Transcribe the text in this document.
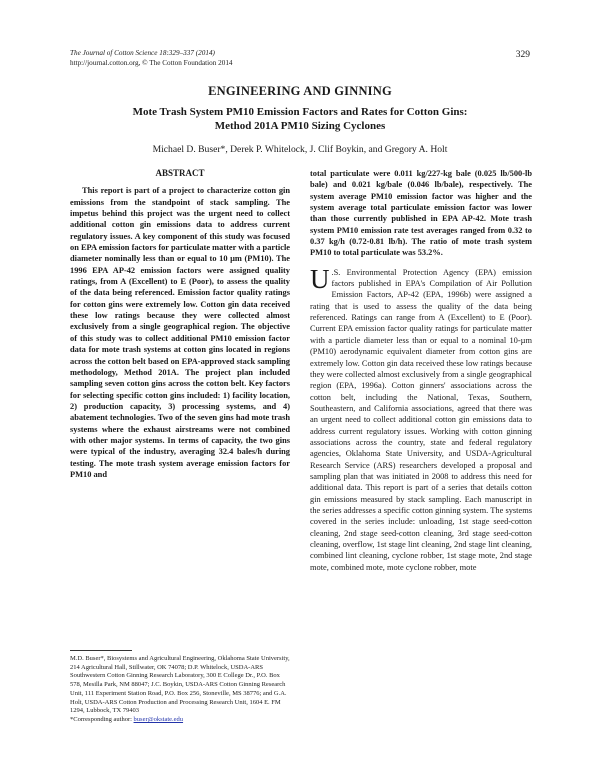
The Journal of Cotton Science 18:329–337 (2014)
http://journal.cotton.org, © The Cotton Foundation 2014
329
ENGINEERING AND GINNING
Mote Trash System PM10 Emission Factors and Rates for Cotton Gins:
Method 201A PM10 Sizing Cyclones
Michael D. Buser*, Derek P. Whitelock, J. Clif Boykin, and Gregory A. Holt
ABSTRACT

This report is part of a project to characterize cotton gin emissions from the standpoint of stack sampling. The impetus behind this project was the urgent need to collect additional cotton gin emissions data to address current regulatory issues. A key component of this study was focused on EPA emission factors for particulate matter with a particle diameter nominally less than or equal to 10 µm (PM10). The 1996 EPA AP-42 emission factors were assigned quality ratings, from A (Excellent) to E (Poor), to assess the quality of the data being referenced. Emission factor quality ratings for cotton gins were extremely low. Cotton gin data received these low ratings because they were collected almost exclusively from a single geographical region. The objective of this study was to collect additional PM10 emission factor data for mote trash systems at cotton gins located in regions across the cotton belt based on EPA-approved stack sampling methodology, Method 201A. The project plan included sampling seven cotton gins across the cotton belt. Key factors for selecting specific cotton gins included: 1) facility location, 2) production capacity, 3) processing systems, and 4) abatement technologies. Two of the seven gins had mote trash systems where the exhaust airstreams were not combined with other major systems. In terms of capacity, the two gins were typical of the industry, averaging 32.4 bales/h during testing. The mote trash system average emission factors for PM10 and

M.D. Buser*, Biosystems and Agricultural Engineering, Oklahoma State University, 214 Agricultural Hall, Stillwater, OK 74078; D.P. Whitelock, USDA-ARS Southwestern Cotton Ginning Research Laboratory, 300 E College Dr., P.O. Box 578, Mesilla Park, NM 88047; J.C. Boykin, USDA-ARS Cotton Ginning Research Unit, 111 Experiment Station Road, P.O. Box 256, Stoneville, MS 38776; and G.A. Holt, USDA-ARS Cotton Production and Processing Research Unit, 1604 E. FM 1294, Lubbock, TX 79403
*Corresponding author: buser@okstate.edu

total particulate were 0.011 kg/227-kg bale (0.025 lb/500-lb bale) and 0.021 kg/bale (0.046 lb/bale), respectively. The system average PM10 emission factor was higher and the system average total particulate emission factor was lower than those currently published in EPA AP-42. Mote trash system PM10 emission rate test averages ranged from 0.32 to 0.37 kg/h (0.72-0.81 lb/h). The ratio of mote trash system PM10 to total particulate was 53.2%.

U .S. Environmental Protection Agency (EPA) emission factors published in EPA's Compilation of Air Pollution Emission Factors, AP-42 (EPA, 1996b) were assigned a rating that is used to assess the quality of the data being referenced. Ratings can range from A (Excellent) to E (Poor). Current EPA emission factor quality ratings for particulate matter with a particle diameter less than or equal to a nominal 10-µm (PM10) aerodynamic equivalent diameter from cotton gins are extremely low. Cotton gin data received these low ratings because they were collected almost exclusively from a single geographical region (EPA, 1996a). Cotton ginners' associations across the cotton belt, including the National, Texas, Southern, Southeastern, and California associations, agreed that there was an urgent need to collect additional cotton gin emissions data to address current regulatory issues. Working with cotton ginning associations across the country, state and federal regulatory agencies, Oklahoma State University, and USDA-Agricultural Research Service (ARS) researchers developed a proposal and sampling plan that was initiated in 2008 to address this need for additional data. This report is part of a series that details cotton gin emissions measured by stack sampling. Each manuscript in the series addresses a specific cotton ginning system. The systems covered in the series include: unloading, 1st stage seed-cotton cleaning, 2nd stage seed-cotton cleaning, 3rd stage seed-cotton cleaning, overflow, 1st stage lint cleaning, 2nd stage lint cleaning, combined lint cleaning, cyclone robber, 1st stage mote, 2nd stage mote, combined mote, mote cyclone robber, mote
